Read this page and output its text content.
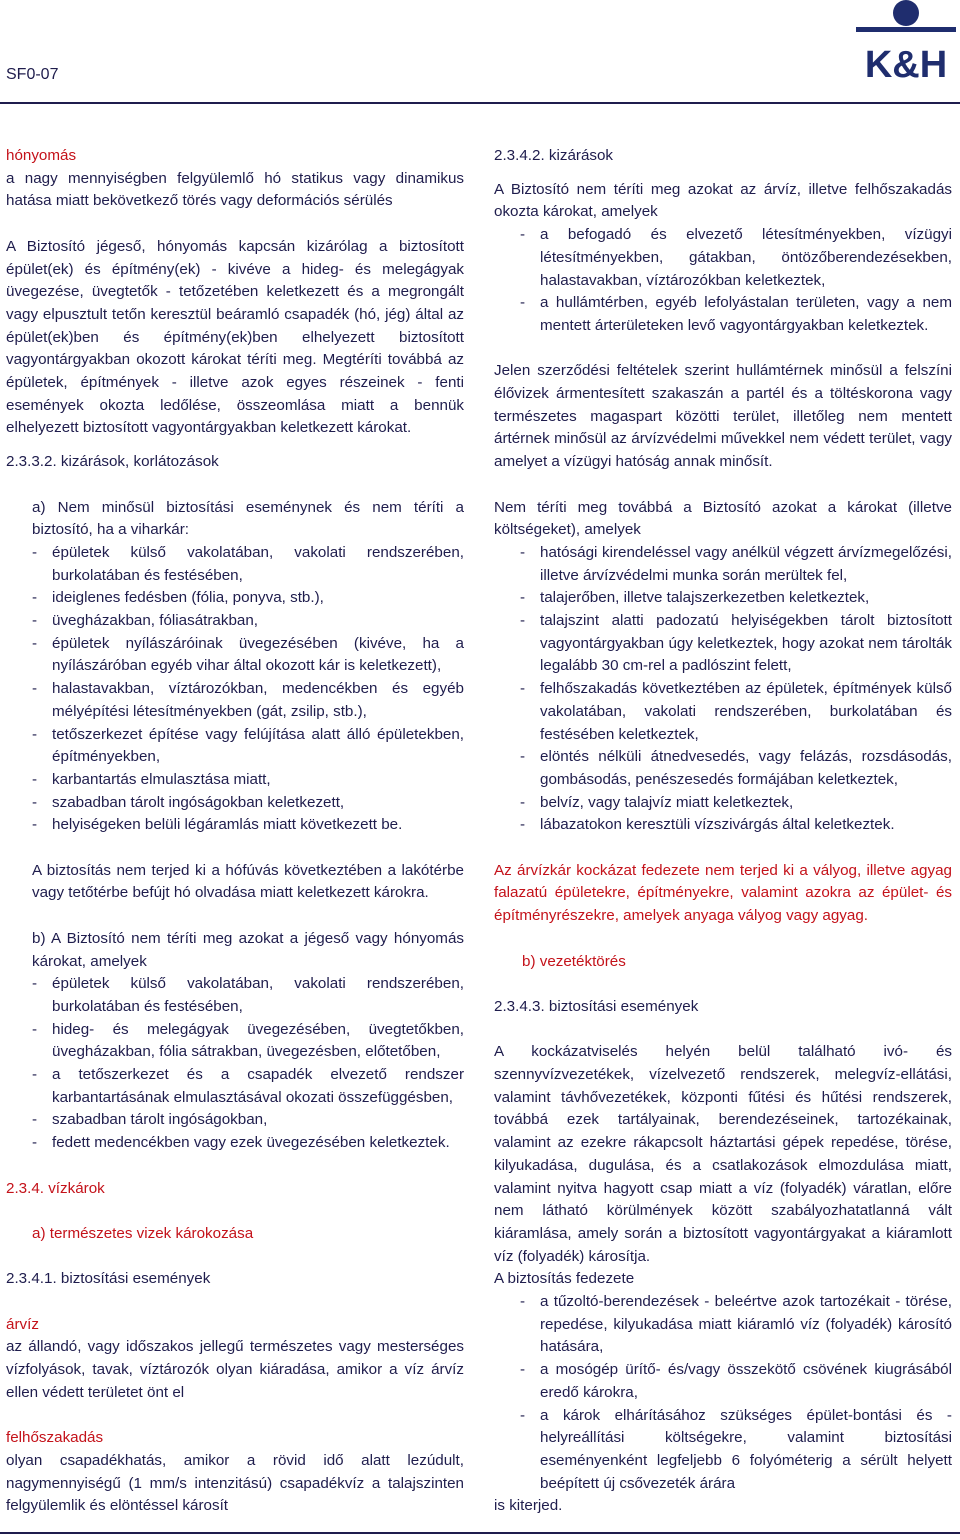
SF0-07	K&H

hónyomás

a nagy mennyiségben felgyülemlő hó statikus vagy dinamikus hatása miatt bekövetkező törés vagy deformációs sérülés

A Biztosító jégeső, hónyomás kapcsán kizárólag a biztosított épület(ek) és építmény(ek) - kivéve a hideg- és melegágyak üvegezése, üvegtetők - tetőzetében keletkezett és a megrongált vagy elpusztult tetőn keresztül beáramló csapadék (hó, jég) által az épület(ek)ben és építmény(ek)ben elhelyezett biztosított vagyontárgyakban okozott károkat téríti meg. Megtéríti továbbá az épületek, építmények - illetve azok egyes részeinek - fenti események okozta ledőlése, összeomlása miatt a bennük elhelyezett biztosított vagyontárgyakban keletkezett károkat.

2.3.3.2. kizárások, korlátozások

a) Nem minősül biztosítási eseménynek és nem téríti a biztosító, ha a viharkár:

- épületek külső vakolatában, vakolati rendszerében, burkolatában és festésében,
- ideiglenes fedésben (fólia, ponyva, stb.),
- üvegházakban, fóliasátrakban,
- épületek nyílászáróinak üvegezésében (kivéve, ha a nyílászáróban egyéb vihar által okozott kár is keletkezett),
- halastavakban, víztározókban, medencékben és egyéb mélyépítési létesítményekben (gát, zsilip, stb.),
- tetőszerkezet építése vagy felújítása alatt álló épületekben, építményekben,
- karbantartás elmulasztása miatt,
- szabadban tárolt ingóságokban keletkezett,
- helyiségeken belüli légáramlás miatt következett be.

A biztosítás nem terjed ki a hófúvás következtében a lakótérbe vagy tetőtérbe befújt hó olvadása miatt keletkezett károkra.

b) A Biztosító nem téríti meg azokat a jégeső vagy hónyomás károkat, amelyek

- épületek külső vakolatában, vakolati rendszerében, burkolatában és festésében,
- hideg- és melegágyak üvegezésében, üvegtetőkben, üvegházakban, fólia sátrakban, üvegezésben, előtetőben,
- a tetőszerkezet és a csapadék elvezető rendszer karbantartásának elmulasztásával okozati összefüggésben,
- szabadban tárolt ingóságokban,
- fedett medencékben vagy ezek üvegezésében keletkeztek.

2.3.4. vízkárok

a) természetes vizek károkozása

2.3.4.1. biztosítási események

árvíz

az állandó, vagy időszakos jellegű természetes vagy mesterséges vízfolyások, tavak, víztározók olyan kiáradása, amikor a víz árvíz ellen védett területet önt el

felhőszakadás

olyan csapadékhatás, amikor a rövid idő alatt lezúdult, nagymennyiségű (1 mm/s intenzitású) csapadékvíz a talajszinten felgyülemlik és elöntéssel károsít

2.3.4.2. kizárások

A Biztosító nem téríti meg azokat az árvíz, illetve felhőszakadás okozta károkat, amelyek

- a befogadó és elvezető létesítményekben, vízügyi létesítményekben, gátakban, öntözőberendezésekben, halastavakban, víztározókban keletkeztek,
- a hullámtérben, egyéb lefolyástalan területen, vagy a nem mentett árterületeken levő vagyontárgyakban keletkeztek.

Jelen szerződési feltételek szerint hullámtérnek minősül a felszíni élővizek ármentesített szakaszán a partél és a töltéskorona vagy természetes magaspart közötti terület, illetőleg nem mentett ártérnek minősül az árvízvédelmi művekkel nem védett terület, vagy amelyet a vízügyi hatóság annak minősít.

Nem téríti meg továbbá a Biztosító azokat a károkat (illetve költségeket), amelyek

- hatósági kirendeléssel vagy anélkül végzett árvízmegelőzési, illetve árvízvédelmi munka során merültek fel,
- talajerőben, illetve talajszerkezetben keletkeztek,
- talajszint alatti padozatú helyiségekben tárolt biztosított vagyontárgyakban úgy keletkeztek, hogy azokat nem tárolták legalább 30 cm-rel a padlószint felett,
- felhőszakadás következtében az épületek, építmények külső vakolatában, vakolati rendszerében, burkolatában és festésében keletkeztek,
- elöntés nélküli átnedvesedés, vagy felázás, rozsdásodás, gombásodás, penészesedés formájában keletkeztek,
- belvíz, vagy talajvíz miatt keletkeztek,
- lábazatokon keresztüli vízszivárgás által keletkeztek.

Az árvízkár kockázat fedezete nem terjed ki a vályog, illetve agyag falazatú épületekre, építményekre, valamint azokra az épület- és építményrészekre, amelyek anyaga vályog vagy agyag.

b) vezetéktörés

2.3.4.3. biztosítási események

A kockázatviselés helyén belül található ivó- és szennyvízvezetékek, vízelvezető rendszerek, melegvíz-ellátási, valamint távhővezetékek, központi fűtési és hűtési rendszerek, továbbá ezek tartályainak, berendezéseinek, tartozékainak, valamint az ezekre rákapcsolt háztartási gépek repedése, törése, kilyukadása, dugulása, és a csatlakozások elmozdulása miatt, valamint nyitva hagyott csap miatt a víz (folyadék) váratlan, előre nem látható körülmények között szabályozhatatlanná vált kiáramlása, amely során a biztosított vagyontárgyakat a kiáramlott víz (folyadék) károsítja.

A biztosítás fedezete

- a tűzoltó-berendezések - beleértve azok tartozékait - törése, repedése, kilyukadása miatt kiáramló víz (folyadék) károsító hatására,
- a mosógép ürítő- és/vagy összekötő csövének kiugrásából eredő károkra,
- a károk elhárításához szükséges épület-bontási és -helyreállítási költségekre, valamint biztosítási eseményenként legfeljebb 6 folyóméterig a sérült helyett beépített új csővezeték árára

is kiterjed.
